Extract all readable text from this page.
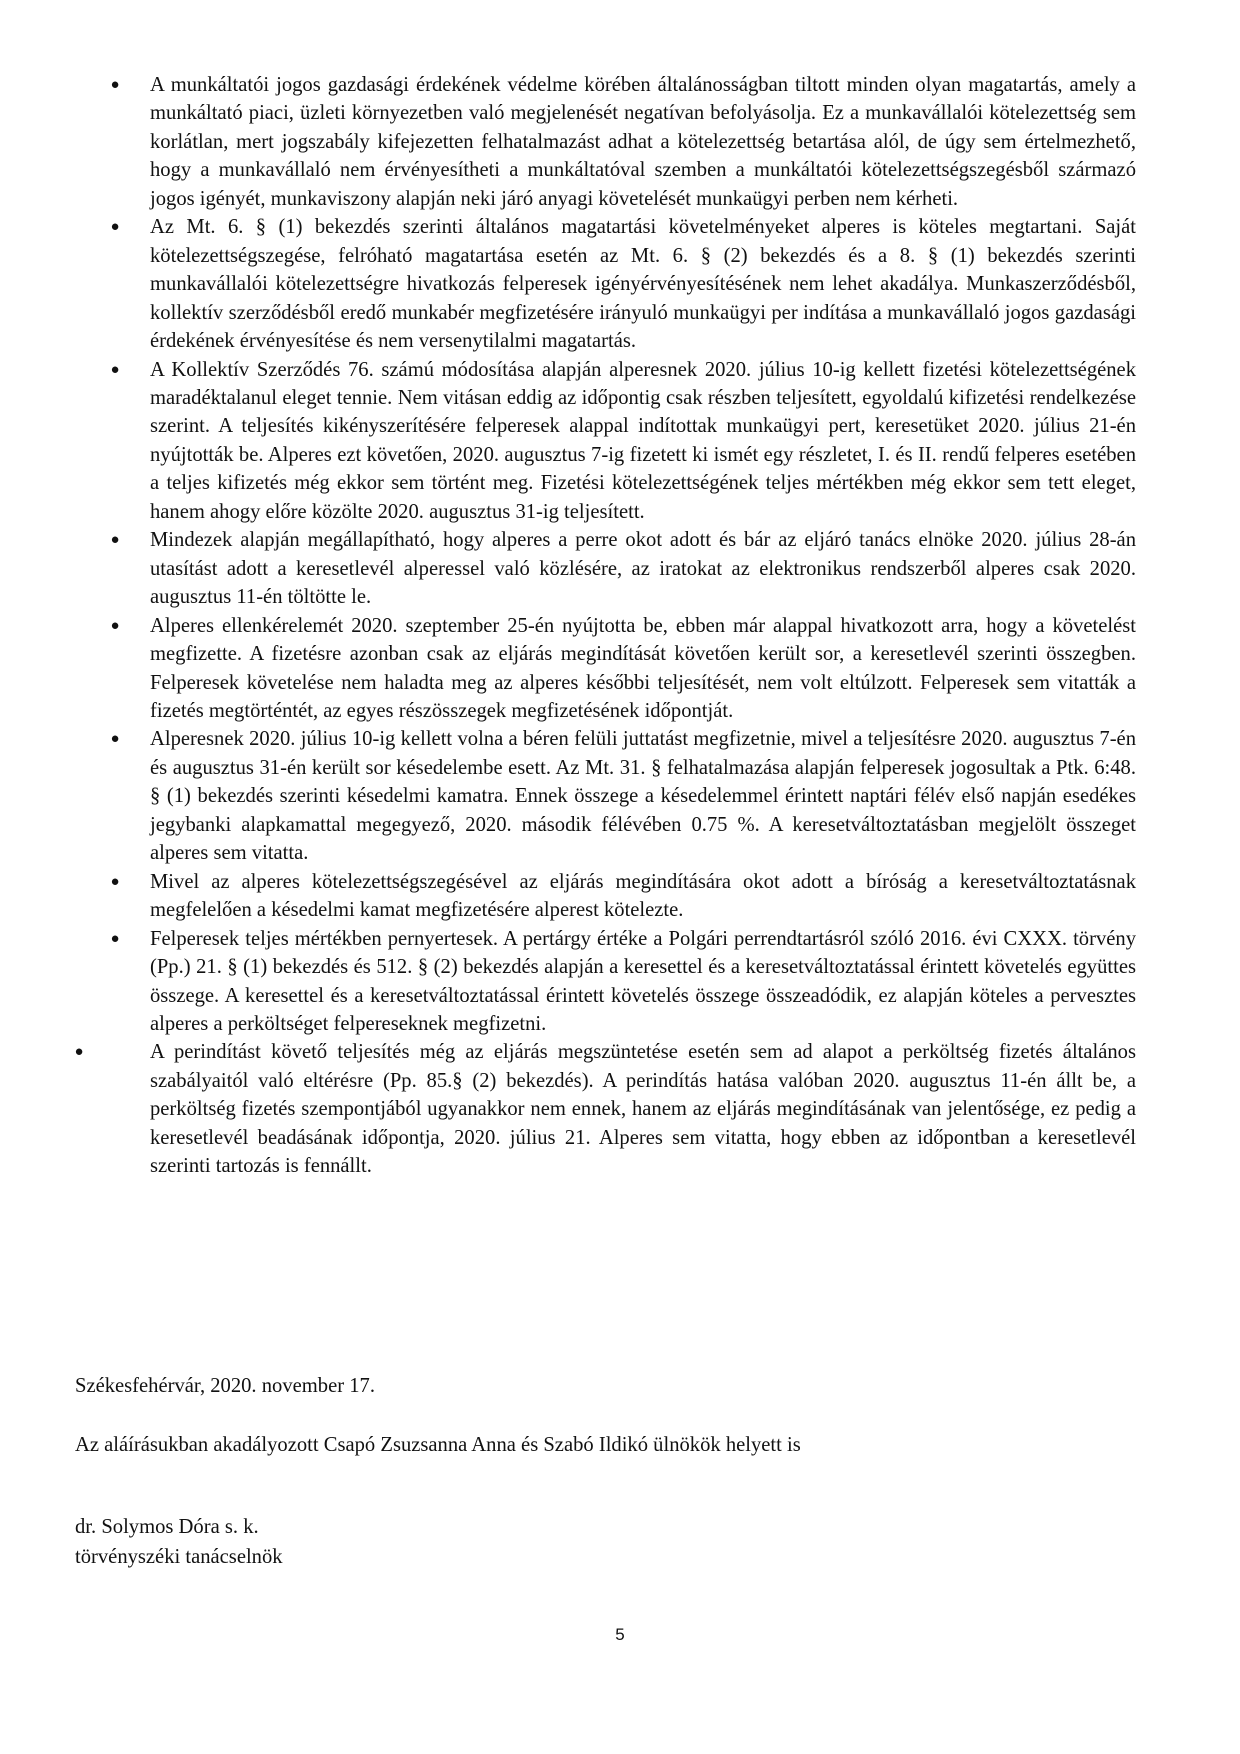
● A munkáltatói jogos gazdasági érdekének védelme körében általánosságban tiltott minden olyan magatartás, amely a munkáltató piaci, üzleti környezetben való megjelenését negatívan befolyásolja. Ez a munkavállalói kötelezettség sem korlátlan, mert jogszabály kifejezetten felhatalmazást adhat a kötelezettség betartása alól, de úgy sem értelmezhető, hogy a munkavállaló nem érvényesítheti a munkáltatóval szemben a munkáltatói kötelezettségszegésből származó jogos igényét, munkaviszony alapján neki járó anyagi követelését munkaügyi perben nem kérheti.
● Az Mt. 6. § (1) bekezdés szerinti általános magatartási követelményeket alperes is köteles megtartani. Saját kötelezettségszegése, felróható magatartása esetén az Mt. 6. § (2) bekezdés és a 8. § (1) bekezdés szerinti munkavállalói kötelezettségre hivatkozás felperesek igényérvényesítésének nem lehet akadálya. Munkaszerződésből, kollektív szerződésből eredő munkabér megfizetésére irányuló munkaügyi per indítása a munkavállaló jogos gazdasági érdekének érvényesítése és nem versenytilalmi magatartás.
● A Kollektív Szerződés 76. számú módosítása alapján alperesnek 2020. július 10-ig kellett fizetési kötelezettségének maradéktalanul eleget tennie. Nem vitásan eddig az időpontig csak részben teljesített, egyoldalú kifizetési rendelkezése szerint. A teljesítés kikényszerítésére felperesek alappal indítottak munkaügyi pert, keresetüket 2020. július 21-én nyújtották be. Alperes ezt követően, 2020. augusztus 7-ig fizetett ki ismét egy részletet, I. és II. rendű felperes esetében a teljes kifizetés még ekkor sem történt meg. Fizetési kötelezettségének teljes mértékben még ekkor sem tett eleget, hanem ahogy előre közölte 2020. augusztus 31-ig teljesített.
● Mindezek alapján megállapítható, hogy alperes a perre okot adott és bár az eljáró tanács elnöke 2020. július 28-án utasítást adott a keresetlevél alperessel való közlésére, az iratokat az elektronikus rendszerből alperes csak 2020. augusztus 11-én töltötte le.
● Alperes ellenkérelemét 2020. szeptember 25-én nyújtotta be, ebben már alappal hivatkozott arra, hogy a követelést megfizette. A fizetésre azonban csak az eljárás megindítását követően került sor, a keresetlevél szerinti összegben. Felperesek követelése nem haladta meg az alperes későbbi teljesítését, nem volt eltúlzott. Felperesek sem vitatták a fizetés megtörténtét, az egyes részösszegek megfizetésének időpontját.
● Alperesnek 2020. július 10-ig kellett volna a béren felüli juttatást megfizetnie, mivel a teljesítésre 2020. augusztus 7-én és augusztus 31-én került sor késedelembe esett. Az Mt. 31. § felhatalmazása alapján felperesek jogosultak a Ptk. 6:48. § (1) bekezdés szerinti késedelmi kamatra. Ennek összege a késedelemmel érintett naptári félév első napján esedékes jegybanki alapkamattal megegyező, 2020. második félévében 0.75 %. A keresetváltoztatásban megjelölt összeget alperes sem vitatta.
● Mivel az alperes kötelezettségszegésével az eljárás megindítására okot adott a bíróság a keresetváltoztatásnak megfelelően a késedelmi kamat megfizetésére alperest kötelezte.
● Felperesek teljes mértékben pernyertesek. A pertárgy értéke a Polgári perrendtartásról szóló 2016. évi CXXX. törvény (Pp.) 21. § (1) bekezdés és 512. § (2) bekezdés alapján a keresettel és a keresetváltoztatással érintett követelés együttes összege. A keresettel és a keresetváltoztatással érintett követelés összege összeadódik, ez alapján köteles a pervesztes alperes a perköltséget felpereseknek megfizetni.
●	A perindítást követő teljesítés még az eljárás megszüntetése esetén sem ad alapot a perköltség fizetés általános szabályaitól való eltérésre (Pp. 85.§ (2) bekezdés). A perindítás hatása valóban 2020. augusztus 11-én állt be, a perköltség fizetés szempontjából ugyanakkor nem ennek, hanem az eljárás megindításának van jelentősége, ez pedig a keresetlevél beadásának időpontja, 2020. július 21. Alperes sem vitatta, hogy ebben az időpontban a keresetlevél szerinti tartozás is fennállt.

Székesfehérvár, 2020. november 17.

Az aláírásukban akadályozott Csapó Zsuzsanna Anna és Szabó Ildikó ülnökök helyett is

dr. Solymos Dóra s. k.
törvényszéki tanácselnök
5
